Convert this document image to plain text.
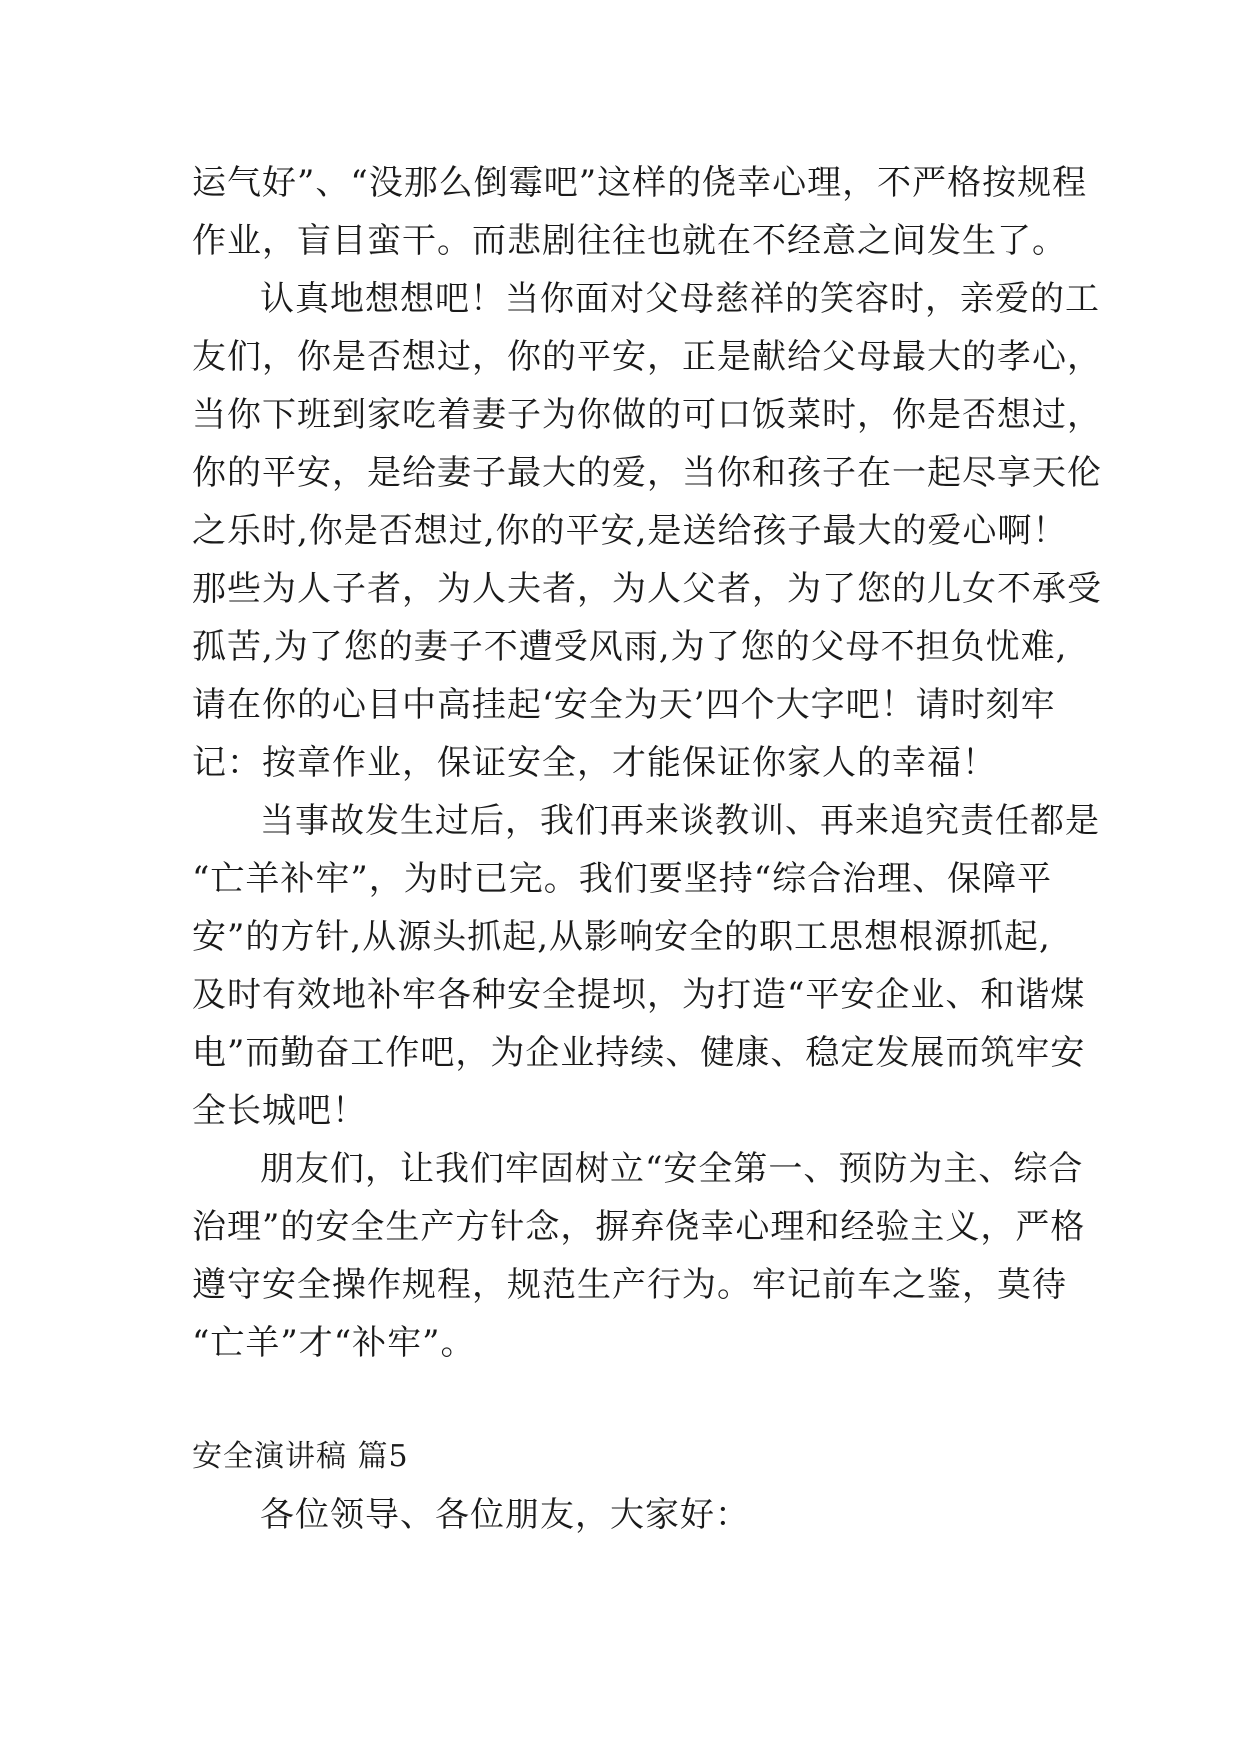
运气好”、“没那么倒霉吧”这样的侥幸心理，不严格按规程
作业，盲目蛮干。而悲剧往往也就在不经意之间发生了。
认真地想想吧！当你面对父母慈祥的笑容时，亲爱的工
友们，你是否想过，你的平安，正是献给父母最大的孝心，
当你下班到家吃着妻子为你做的可口饭菜时，你是否想过，
你的平安，是给妻子最大的爱，当你和孩子在一起尽享天伦
之乐时,你是否想过,你的平安,是送给孩子最大的爱心啊！
那些为人子者，为人夫者，为人父者，为了您的儿女不承受
孤苦,为了您的妻子不遭受风雨,为了您的父母不担负忧难,
请在你的心目中高挂起‘安全为天’四个大字吧！请时刻牢
记：按章作业，保证安全，才能保证你家人的幸福！
当事故发生过后，我们再来谈教训、再来追究责任都是
“亡羊补牢”，为时已完。我们要坚持“综合治理、保障平
安”的方针,从源头抓起,从影响安全的职工思想根源抓起,
及时有效地补牢各种安全提坝，为打造“平安企业、和谐煤
电”而勤奋工作吧，为企业持续、健康、稳定发展而筑牢安
全长城吧！
朋友们，让我们牢固树立“安全第一、预防为主、综合
治理”的安全生产方针念，摒弃侥幸心理和经验主义，严格
遵守安全操作规程，规范生产行为。牢记前车之鉴，莫待
“亡羊”才“补牢”。
安全演讲稿 篇5
各位领导、各位朋友，大家好：
